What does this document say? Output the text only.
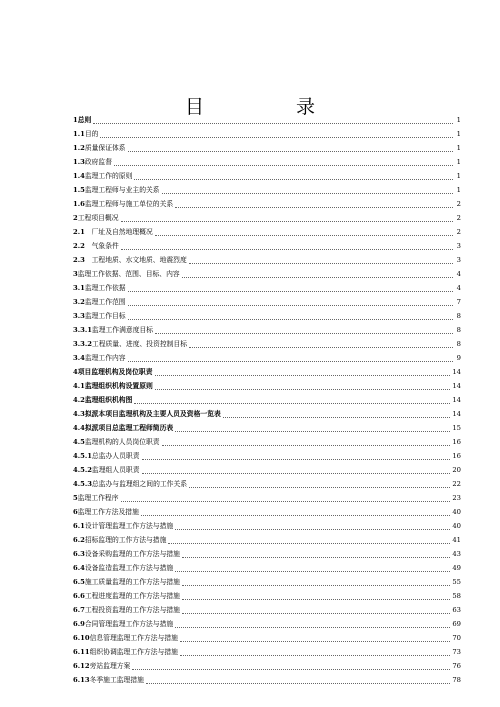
目　　录
1 总则	1
1.1 目的	1
1.2 质量保证体系	1
1.3 政府监督	1
1.4 监理工作的原则	1
1.5 监理工程师与业主的关系	1
1.6 监理工程师与施工单位的关系	2
2 工程项目概况	2
2.1 　厂址及自然地理概况	2
2.2 　气象条件	3
2.3 　工程地质、水文地质、地震烈度	3
3 监理工作依据、范围、目标、内容	4
3.1 监理工作依据	4
3.2 监理工作范围	7
3.3 监理工作目标	8
3.3.1 监理工作满意度目标	8
3.3.2 工程质量、进度、投资控制目标	8
3.4 监理工作内容	9
4 项目监理机构及岗位职责	14
4.1 监理组织机构设置原则	14
4.2 监理组织机构图	14
4.3 拟派本项目监理机构及主要人员及资格一览表	14
4.4 拟派项目总监理工程师简历表	15
4.5 监理机构的人员岗位职责	16
4.5.1 总监办人员职责	16
4.5.2 监理组人员职责	20
4.5.3 总监办与监理组之间的工作关系	22
5 监理工作程序	23
6 监理工作方法及措施	40
6.1 设计管理监理工作方法与措施	40
6.2 招标监理的工作方法与措施	41
6.3 设备采购监理的工作方法与措施	43
6.4 设备监造监理工作方法与措施	49
6.5 施工质量监理的工作方法与措施	55
6.6 工程进度监理的工作方法与措施	58
6.7 工程投资监理的工作方法与措施	63
6.9 合同管理监理工作方法与措施	69
6.10 信息管理监理工作方法与措施	70
6.11 组织协调监理工作方法与措施	73
6.12 旁站监理方案	76
6.13 冬季施工监理措施	78
